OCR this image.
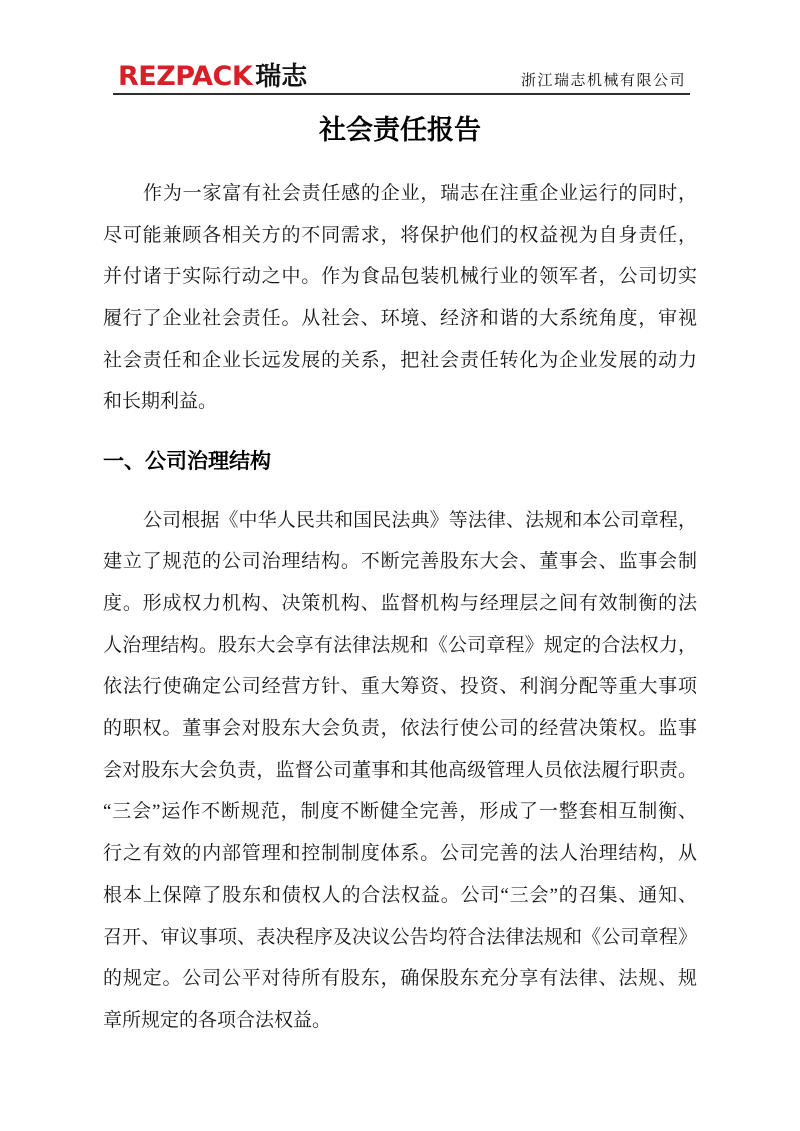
REZPACK 瑞志	浙江瑞志机械有限公司
社会责任报告
作为一家富有社会责任感的企业，瑞志在注重企业运行的同时，
尽可能兼顾各相关方的不同需求，将保护他们的权益视为自身责任，
并付诸于实际行动之中。作为食品包装机械行业的领军者，公司切实
履行了企业社会责任。从社会、环境、经济和谐的大系统角度，审视
社会责任和企业长远发展的关系，把社会责任转化为企业发展的动力
和长期利益。
一、公司治理结构
公司根据《中华人民共和国民法典》等法律、法规和本公司章程，
建立了规范的公司治理结构。不断完善股东大会、董事会、监事会制
度。形成权力机构、决策机构、监督机构与经理层之间有效制衡的法
人治理结构。股东大会享有法律法规和《公司章程》规定的合法权力，
依法行使确定公司经营方针、重大筹资、投资、利润分配等重大事项
的职权。董事会对股东大会负责，依法行使公司的经营决策权。监事
会对股东大会负责，监督公司董事和其他高级管理人员依法履行职责。
“三会”运作不断规范，制度不断健全完善，形成了一整套相互制衡、
行之有效的内部管理和控制制度体系。公司完善的法人治理结构，从
根本上保障了股东和债权人的合法权益。公司“三会”的召集、通知、
召开、审议事项、表决程序及决议公告均符合法律法规和《公司章程》
的规定。公司公平对待所有股东，确保股东充分享有法律、法规、规
章所规定的各项合法权益。
